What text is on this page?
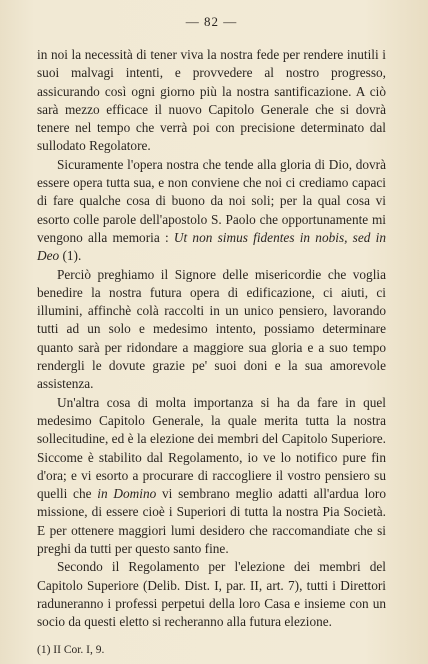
— 82 —

in noi la necessità di tener viva la nostra fede per rendere inutili i suoi malvagi intenti, e provvedere al nostro progresso, assicurando così ogni giorno più la nostra santificazione. A ciò sarà mezzo efficace il nuovo Capitolo Generale che si dovrà tenere nel tempo che verrà poi con precisione determinato dal sullodato Regolatore.

Sicuramente l'opera nostra che tende alla gloria di Dio, dovrà essere opera tutta sua, e non conviene che noi ci crediamo capaci di fare qualche cosa di buono da noi soli; per la qual cosa vi esorto colle parole dell'apostolo S. Paolo che opportunamente mi vengono alla memoria : Ut non simus fidentes in nobis, sed in Deo (1).

Perciò preghiamo il Signore delle misericordie che voglia benedire la nostra futura opera di edificazione, ci aiuti, ci illumini, affinchè colà raccolti in un unico pensiero, lavorando tutti ad un solo e medesimo intento, possiamo determinare quanto sarà per ridondare a maggiore sua gloria e a suo tempo rendergli le dovute grazie pe' suoi doni e la sua amorevole assistenza.

Un'altra cosa di molta importanza si ha da fare in quel medesimo Capitolo Generale, la quale merita tutta la nostra sollecitudine, ed è la elezione dei membri del Capitolo Superiore. Siccome è stabilito dal Regolamento, io ve lo notifico pure fin d'ora; e vi esorto a procurare di raccogliere il vostro pensiero su quelli che in Domino vi sembrano meglio adatti all'ardua loro missione, di essere cioè i Superiori di tutta la nostra Pia Società. E per ottenere maggiori lumi desidero che raccomandiate che si preghi da tutti per questo santo fine.

Secondo il Regolamento per l'elezione dei membri del Capitolo Superiore (Delib. Dist. I, par. II, art. 7), tutti i Direttori raduneranno i professi perpetui della loro Casa e insieme con un socio da questi eletto si recheranno alla futura elezione.

(1) II Cor. I, 9.
